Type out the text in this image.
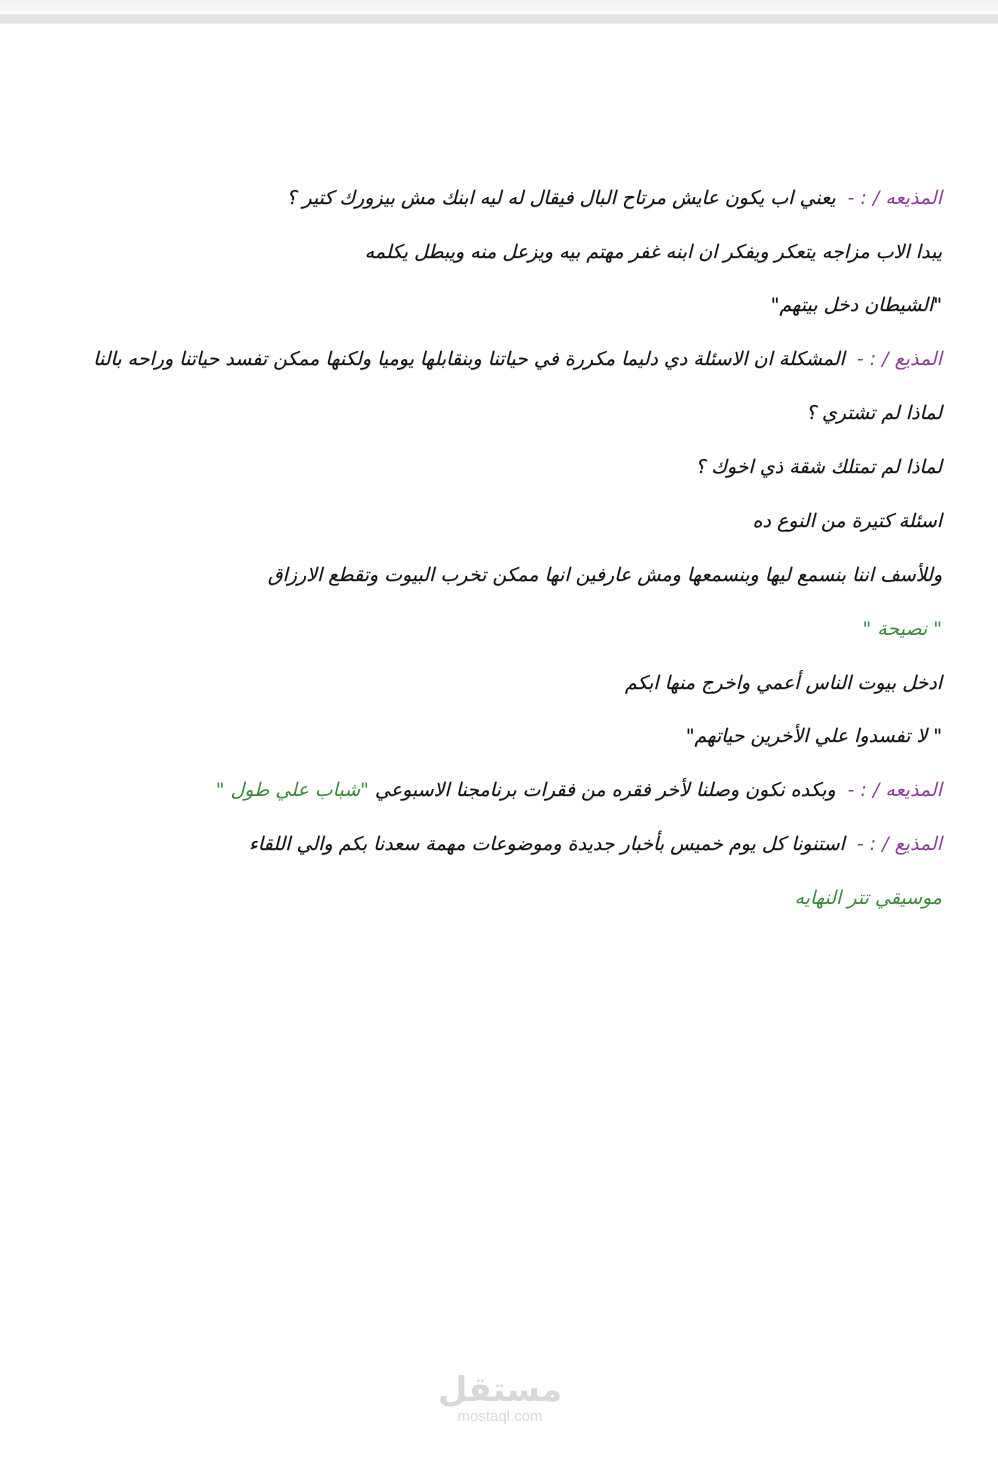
المذيعه / :- يعني اب يكون عايش مرتاح البال فيقال له ليه ابنك مش بيزورك كتير ؟
يبدا الاب مزاجه يتعكر ويفكر ان ابنه غفر مهتم بيه ويزعل منه ويبطل يكلمه
"الشيطان دخل بيتهم"
المذيع / :- المشكلة ان الاسئلة دي دليما مكررة في حياتنا وبنقابلها يوميا ولكنها ممكن تفسد حياتنا وراحه بالنا
لماذا لم تشتري ؟
لماذا لم تمتلك شقة ذي اخوك ؟
اسئلة كتيرة من النوع ده
وللأسف اننا بنسمع ليها وبنسمعها ومش عارفين انها ممكن تخرب البيوت وتقطع الارزاق
" نصيحة "
ادخل بيوت الناس أعمي واخرج منها ابكم
" لا تفسدوا علي الأخرين حياتهم"
المذيعه / :- وبكده نكون وصلنا لأخر فقره من فقرات برنامجنا الاسبوعي "شباب علي طول "
المذيع / :- استنونا كل يوم خميس بأخبار جديدة وموضوعات مهمة سعدنا بكم والي اللقاء
موسيقي تتر النهايه
مستقل
mostaql.com
